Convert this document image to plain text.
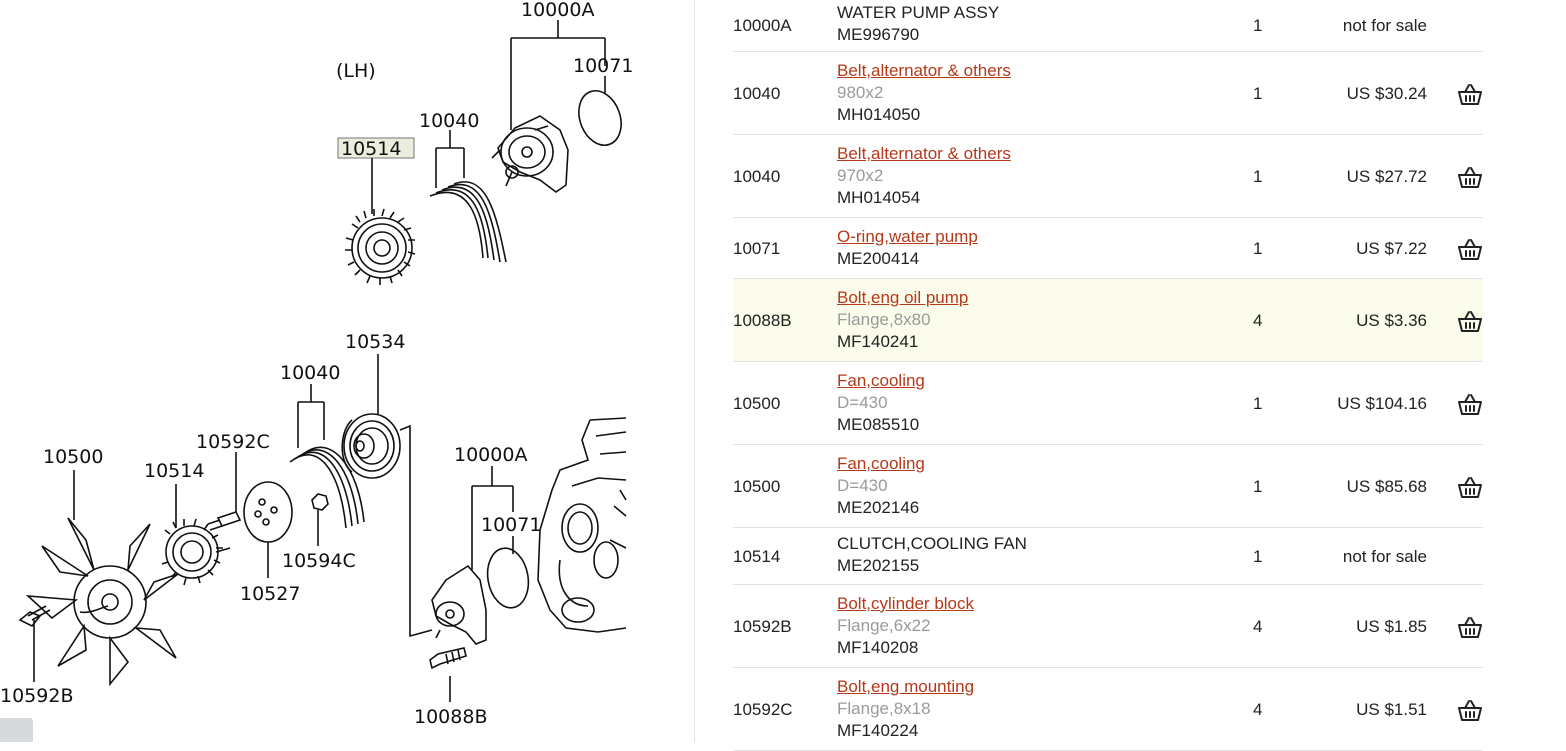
10000A
(LH)	10071
10040
10514
10534
10040
10500
10592C
10514
10000A
10071
10594C
10527
10592B
10088B
10000A
WATER PUMP ASSY
ME996790	1	not for sale
10040
Belt,alternator & others
980x2
MH014050
1	US $30.24
10040
Belt,alternator & others
970x2
MH014054
1	US $27.72
10071
O-ring,water pump
ME200414
1	US $7.22
10088B
Bolt,eng oil pump
Flange,8x80
MF140241
4	US $3.36
10500
Fan,cooling
D=430
ME085510
1	US $104.16
10500
Fan,cooling
D=430
ME202146
1	US $85.68
10514
CLUTCH,COOLING FAN
ME202155	1	not for sale
10592B
Bolt,cylinder block
Flange,6x22
MF140208
4	US $1.85
10592C
Bolt,eng mounting
Flange,8x18
MF140224
4	US $1.51
